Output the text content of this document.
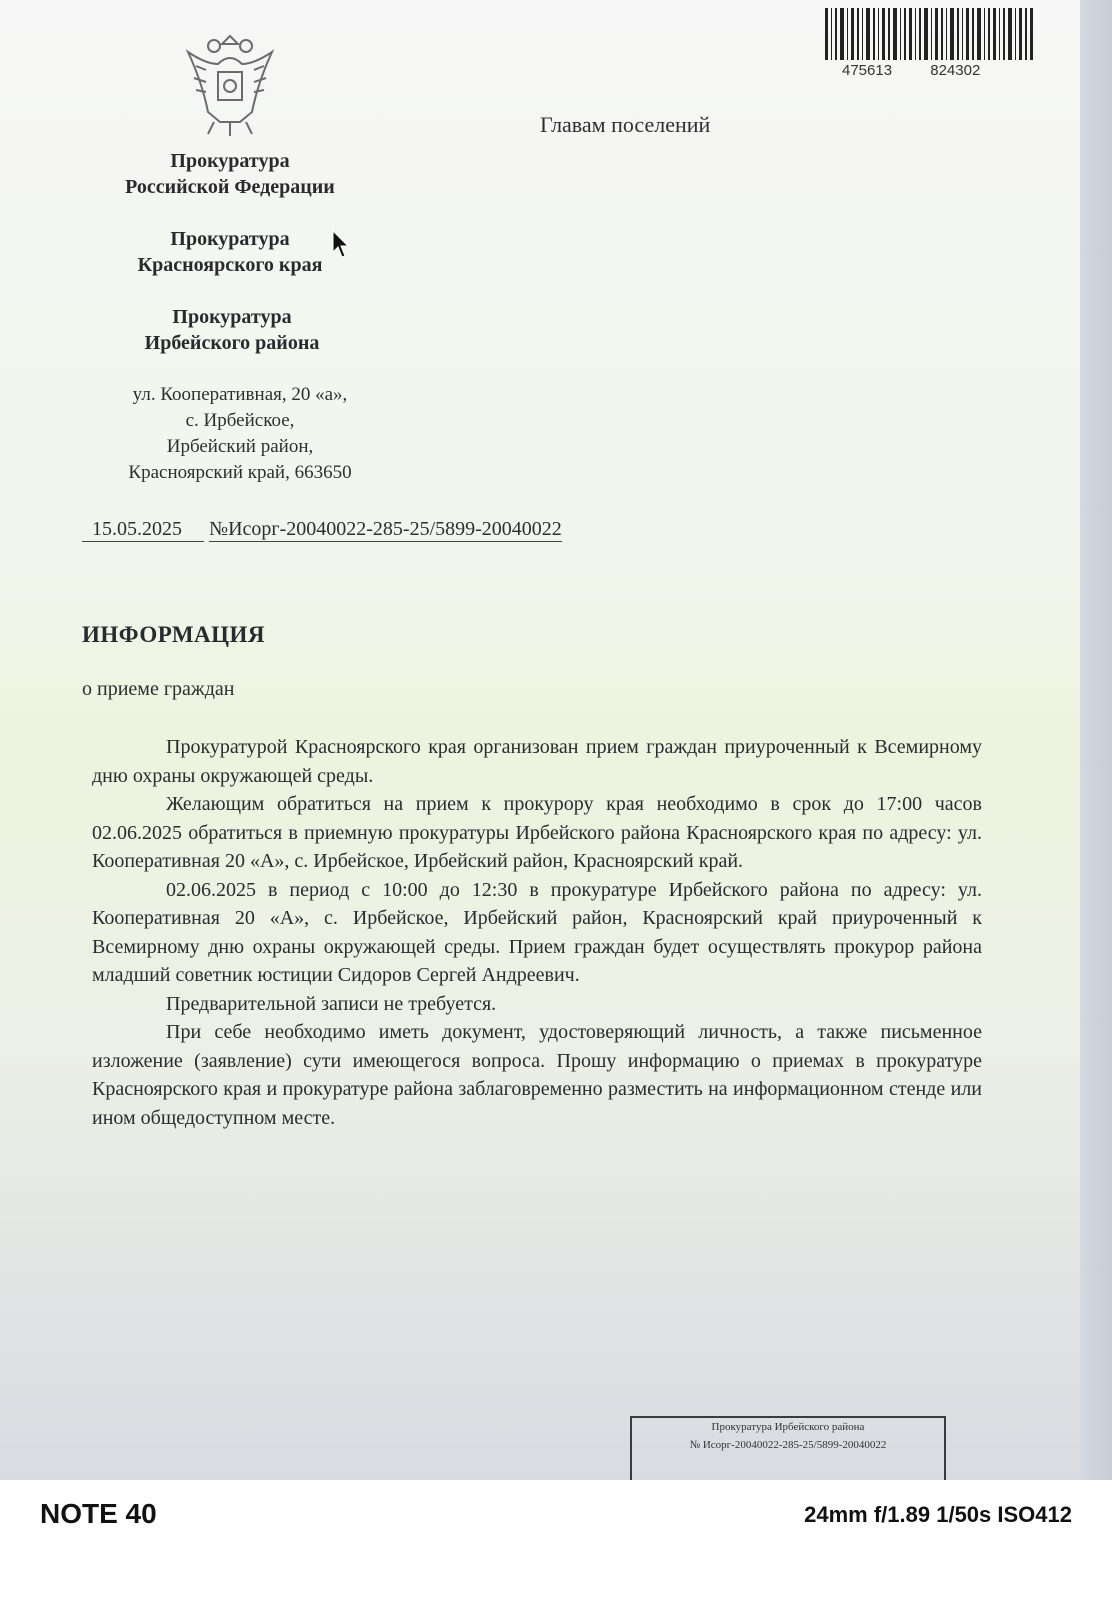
Прокуратура
Российской Федерации
Прокуратура
Красноярского края
Прокуратура
Ирбейского района
ул. Кооперативная, 20 «а»,
с. Ирбейское,
Ирбейский район,
Красноярский край, 663650
Главам поселений
475613	824302
15.05.2025 №Исорг-20040022-285-25/5899-20040022
ИНФОРМАЦИЯ
о приеме граждан

Прокуратурой Красноярского края организован прием граждан приуроченный к Всемирному дню охраны окружающей среды.

Желающим обратиться на прием к прокурору края необходимо в срок до 17:00 часов 02.06.2025 обратиться в приемную прокуратуры Ирбейского района Красноярского края по адресу: ул. Кооперативная 20 «А», с. Ирбейское, Ирбейский район, Красноярский край.

02.06.2025 в период с 10:00 до 12:30 в прокуратуре Ирбейского района по адресу: ул. Кооперативная 20 «А», с. Ирбейское, Ирбейский район, Красноярский край приуроченный к Всемирному дню охраны окружающей среды. Прием граждан будет осуществлять прокурор района младший советник юстиции Сидоров Сергей Андреевич.

Предварительной записи не требуется.

При себе необходимо иметь документ, удостоверяющий личность, а также письменное изложение (заявление) сути имеющегося вопроса. Прошу информацию о приемах в прокуратуре Красноярского края и прокуратуре района заблаговременно разместить на информационном стенде или ином общедоступном месте.

Прокуратура Ирбейского района
№ Исорг-20040022-285-25/5899-20040022
NOTE 40	24mm f/1.89 1/50s ISO412
